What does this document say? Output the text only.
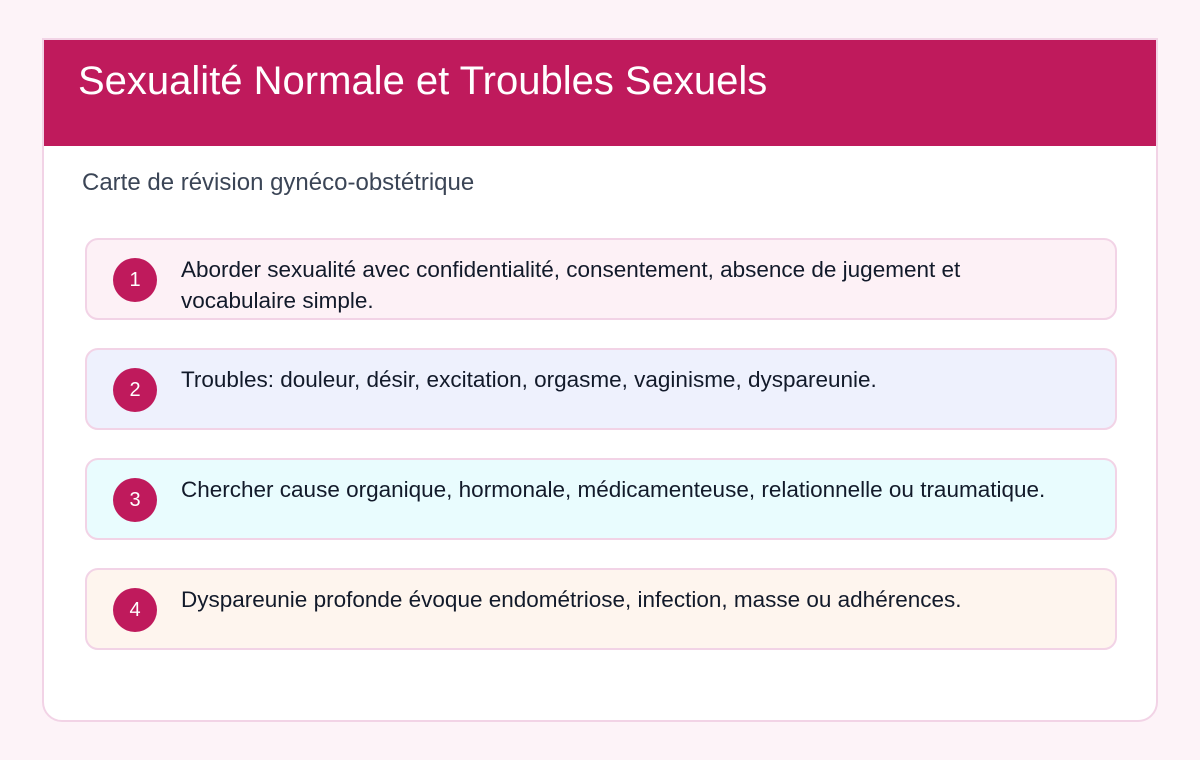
Sexualité Normale et Troubles Sexuels
Carte de révision gynéco-obstétrique
1	Aborder sexualité avec confidentialité, consentement, absence de jugement et vocabulaire simple.
2	Troubles: douleur, désir, excitation, orgasme, vaginisme, dyspareunie.
3	Chercher cause organique, hormonale, médicamenteuse, relationnelle ou traumatique.
4	Dyspareunie profonde évoque endométriose, infection, masse ou adhérences.
